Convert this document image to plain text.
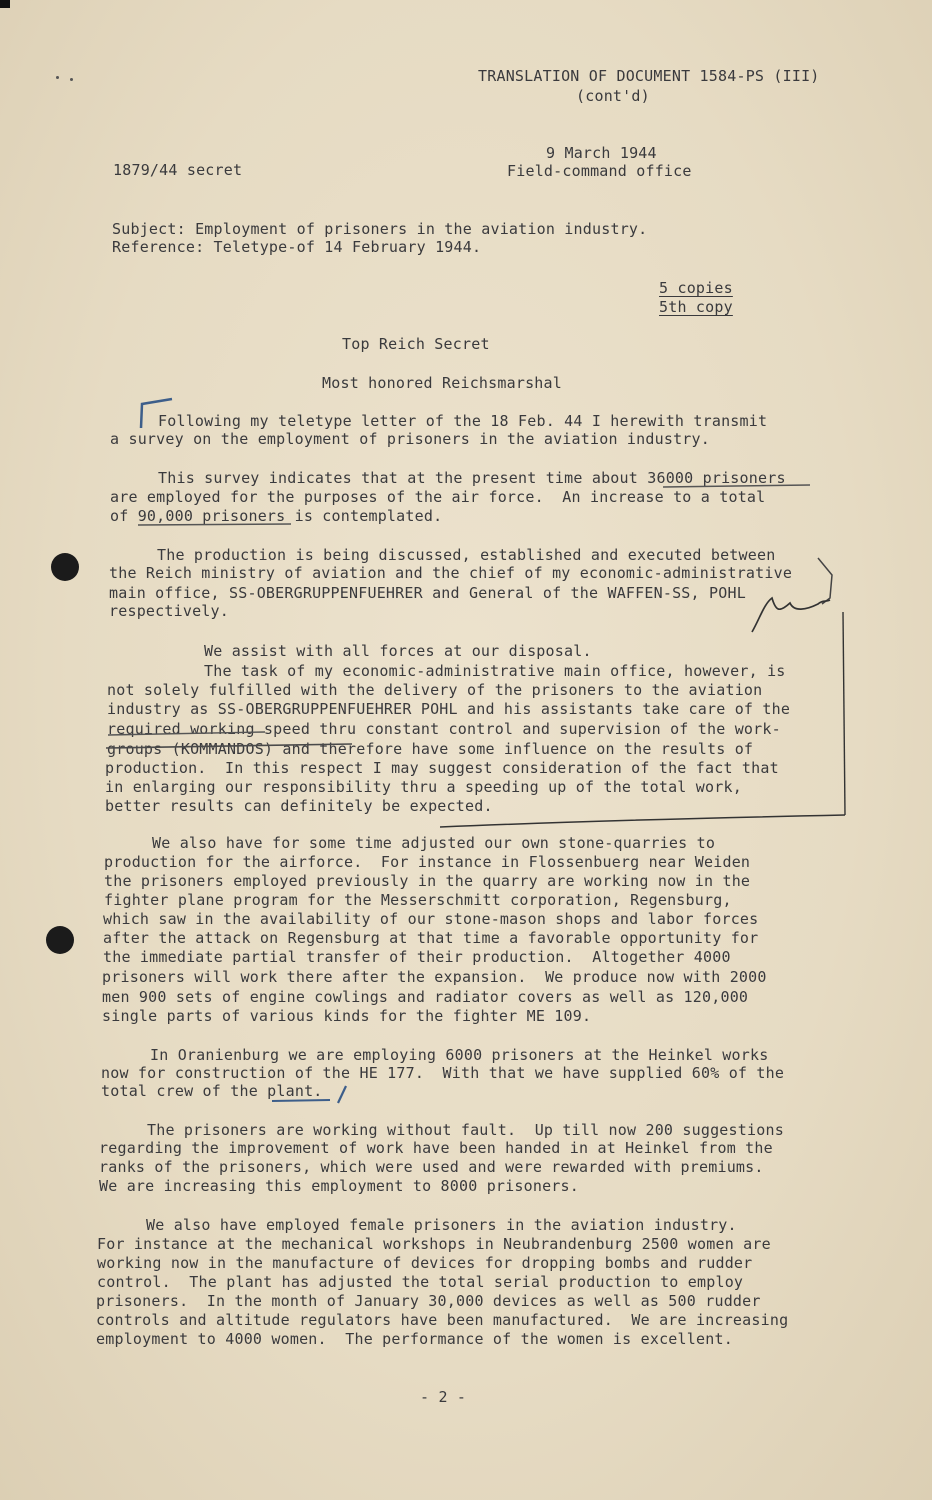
TRANSLATION OF DOCUMENT 1584-PS (III)
(cont'd)
9 March 1944
Field-command office
1879/44 secret
Subject: Employment of prisoners in the aviation industry.
Reference: Teletype-of 14 February 1944.
5 copies
5th copy
Top Reich Secret
Most honored Reichsmarshal
Following my teletype letter of the 18 Feb. 44 I herewith transmit
a survey on the employment of prisoners in the aviation industry.
This survey indicates that at the present time about 36000 prisoners
are employed for the purposes of the air force.  An increase to a total
of 90,000 prisoners is contemplated.
The production is being discussed, established and executed between
the Reich ministry of aviation and the chief of my economic-administrative
main office, SS-OBERGRUPPENFUEHRER and General of the WAFFEN-SS, POHL
respectively.
We assist with all forces at our disposal.
The task of my economic-administrative main office, however, is
not solely fulfilled with the delivery of the prisoners to the aviation
industry as SS-OBERGRUPPENFUEHRER POHL and his assistants take care of the
required working speed thru constant control and supervision of the work-
groups (KOMMANDOS) and therefore have some influence on the results of
production.  In this respect I may suggest consideration of the fact that
in enlarging our responsibility thru a speeding up of the total work,
better results can definitely be expected.
We also have for some time adjusted our own stone-quarries to
production for the airforce.  For instance in Flossenbuerg near Weiden
the prisoners employed previously in the quarry are working now in the
fighter plane program for the Messerschmitt corporation, Regensburg,
which saw in the availability of our stone-mason shops and labor forces
after the attack on Regensburg at that time a favorable opportunity for
the immediate partial transfer of their production.  Altogether 4000
prisoners will work there after the expansion.  We produce now with 2000
men 900 sets of engine cowlings and radiator covers as well as 120,000
single parts of various kinds for the fighter ME 109.
In Oranienburg we are employing 6000 prisoners at the Heinkel works
now for construction of the HE 177.  With that we have supplied 60% of the
total crew of the plant.
The prisoners are working without fault.  Up till now 200 suggestions
regarding the improvement of work have been handed in at Heinkel from the
ranks of the prisoners, which were used and were rewarded with premiums.
We are increasing this employment to 8000 prisoners.
We also have employed female prisoners in the aviation industry.
For instance at the mechanical workshops in Neubrandenburg 2500 women are
working now in the manufacture of devices for dropping bombs and rudder
control.  The plant has adjusted the total serial production to employ
prisoners.  In the month of January 30,000 devices as well as 500 rudder
controls and altitude regulators have been manufactured.  We are increasing
employment to 4000 women.  The performance of the women is excellent.
- 2 -
